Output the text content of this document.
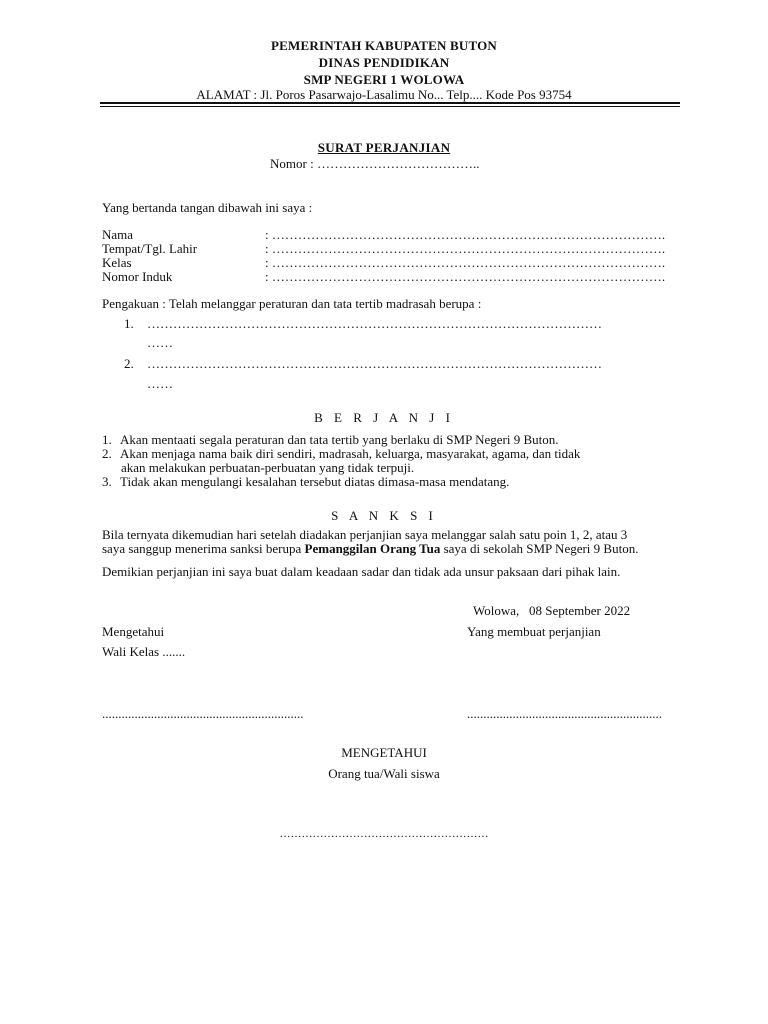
PEMERINTAH KABUPATEN BUTON
DINAS PENDIDIKAN
SMP NEGERI 1 WOLOWA
ALAMAT : Jl. Poros Pasarwajo-Lasalimu No... Telp.... Kode Pos 93754
SURAT PERJANJIAN
Nomor : ………………………………..
Yang bertanda tangan dibawah ini saya :
Nama	: ……………………………………………………………………………….
Tempat/Tgl. Lahir	: ……………………………………………………………………………….
Kelas	: ……………………………………………………………………………….
Nomor Induk	: ……………………………………………………………………………….
Pengakuan : Telah melanggar peraturan dan tata tertib madrasah berupa :
1. ……………………………………………………………………………………………
……
2. ……………………………………………………………………………………………
……
B E R J A N J I
1. Akan mentaati segala peraturan dan tata tertib yang berlaku di SMP Negeri 9 Buton.
2. Akan menjaga nama baik diri sendiri, madrasah, keluarga, masyarakat, agama, dan tidak
akan melakukan perbuatan-perbuatan yang tidak terpuji.
3. Tidak akan mengulangi kesalahan tersebut diatas dimasa-masa mendatang.
S A N K S I
Bila ternyata dikemudian hari setelah diadakan perjanjian saya melanggar salah satu poin 1, 2, atau 3
saya sanggup menerima sanksi berupa Pemanggilan Orang Tua saya di sekolah SMP Negeri 9 Buton.
Demikian perjanjian ini saya buat dalam keadaan sadar dan tidak ada unsur paksaan dari pihak lain.
Wolowa,   08 September 2022
Mengetahui	Yang membuat perjanjian
Wali Kelas .......
..............................................................	............................................................
MENGETAHUI
Orang tua/Wali siswa
…………………………………………………
